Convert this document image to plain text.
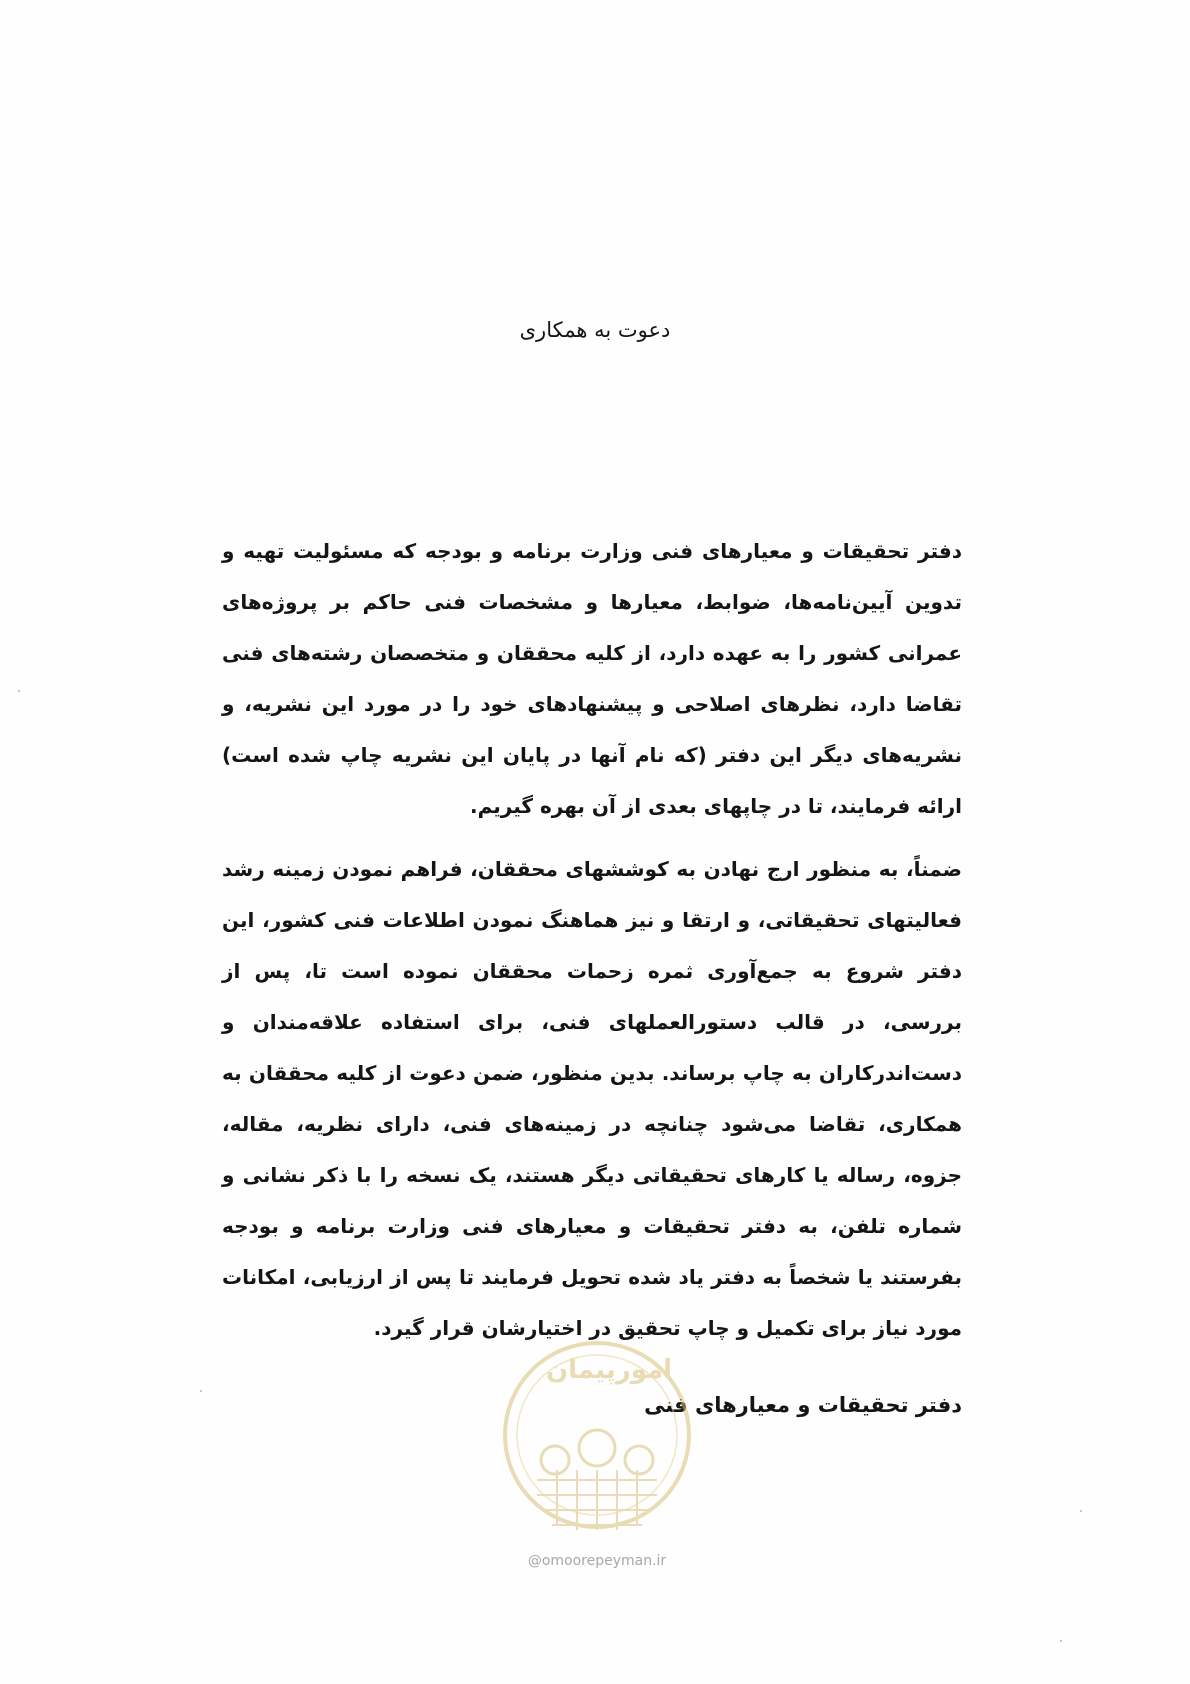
دعوت به همکاری
دفتر تحقیقات و معیارهای فنی وزارت برنامه و بودجه که مسئولیت تهیه و تدوین آیین‌نامه‌ها، ضوابط، معیارها و مشخصات فنی حاکم بر پروژه‌های عمرانی کشور را به عهده دارد، از کلیه محققان و متخصصان رشته‌های فنی تقاضا دارد، نظرهای اصلاحی و پیشنهادهای خود را در مورد این نشریه، و نشریه‌های دیگر این دفتر (که نام آنها در پایان این نشریه چاپ شده است) ارائه فرمایند، تا در چاپهای بعدی از آن بهره گیریم.
ضمناً، به منظور ارج نهادن به کوششهای محققان، فراهم نمودن زمینه رشد فعالیتهای تحقیقاتی، و ارتقا و نیز هماهنگ نمودن اطلاعات فنی کشور، این دفتر شروع به جمع‌آوری ثمره زحمات محققان نموده است تا، پس از بررسی، در قالب دستورالعملهای فنی، برای استفاده علاقه‌مندان و دست‌اندرکاران به چاپ برساند. بدین منظور، ضمن دعوت از کلیه محققان به همکاری، تقاضا می‌شود چنانچه در زمینه‌های فنی، دارای نظریه، مقاله، جزوه، رساله یا کارهای تحقیقاتی دیگر هستند، یک نسخه را با ذکر نشانی و شماره تلفن، به دفتر تحقیقات و معیارهای فنی وزارت برنامه و بودجه بفرستند یا شخصاً به دفتر یاد شده تحویل فرمایند تا پس از ارزیابی، امکانات مورد نیاز برای تکمیل و چاپ تحقیق در اختیارشان قرار گیرد.
دفتر تحقیقات و معیارهای فنی
امورپیمان
@omoorepeyman.ir
